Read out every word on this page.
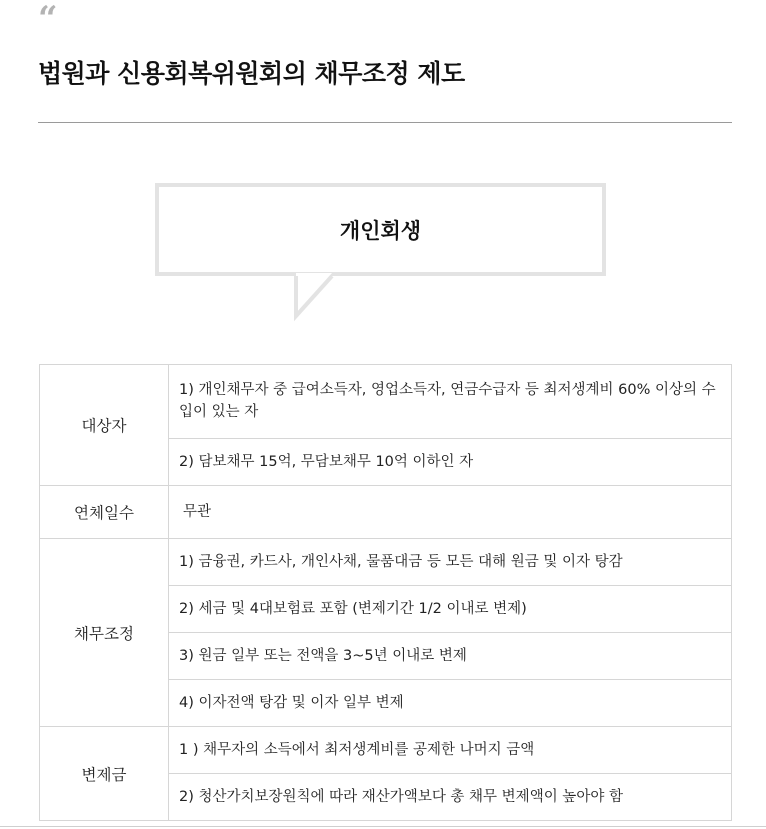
“
법원과 신용회복위원회의 채무조정 제도
개인회생
대상자	1) 개인채무자 중 급여소득자, 영업소득자, 연금수급자 등 최저생계비 60% 이상의 수입이 있는 자
	2) 담보채무 15억, 무담보채무 10억 이하인 자
연체일수	무관
채무조정	1) 금융권, 카드사, 개인사채, 물품대금 등 모든 대해 원금 및 이자 탕감
	2) 세금 및 4대보험료 포함 (변제기간 1/2 이내로 변제)
	3) 원금 일부 또는 전액을 3~5년 이내로 변제
	4) 이자전액 탕감 및 이자 일부 변제
변제금	1 ) 채무자의 소득에서 최저생계비를 공제한 나머지 금액
	2) 청산가치보장원칙에 따라 재산가액보다 총 채무 변제액이 높아야 함
